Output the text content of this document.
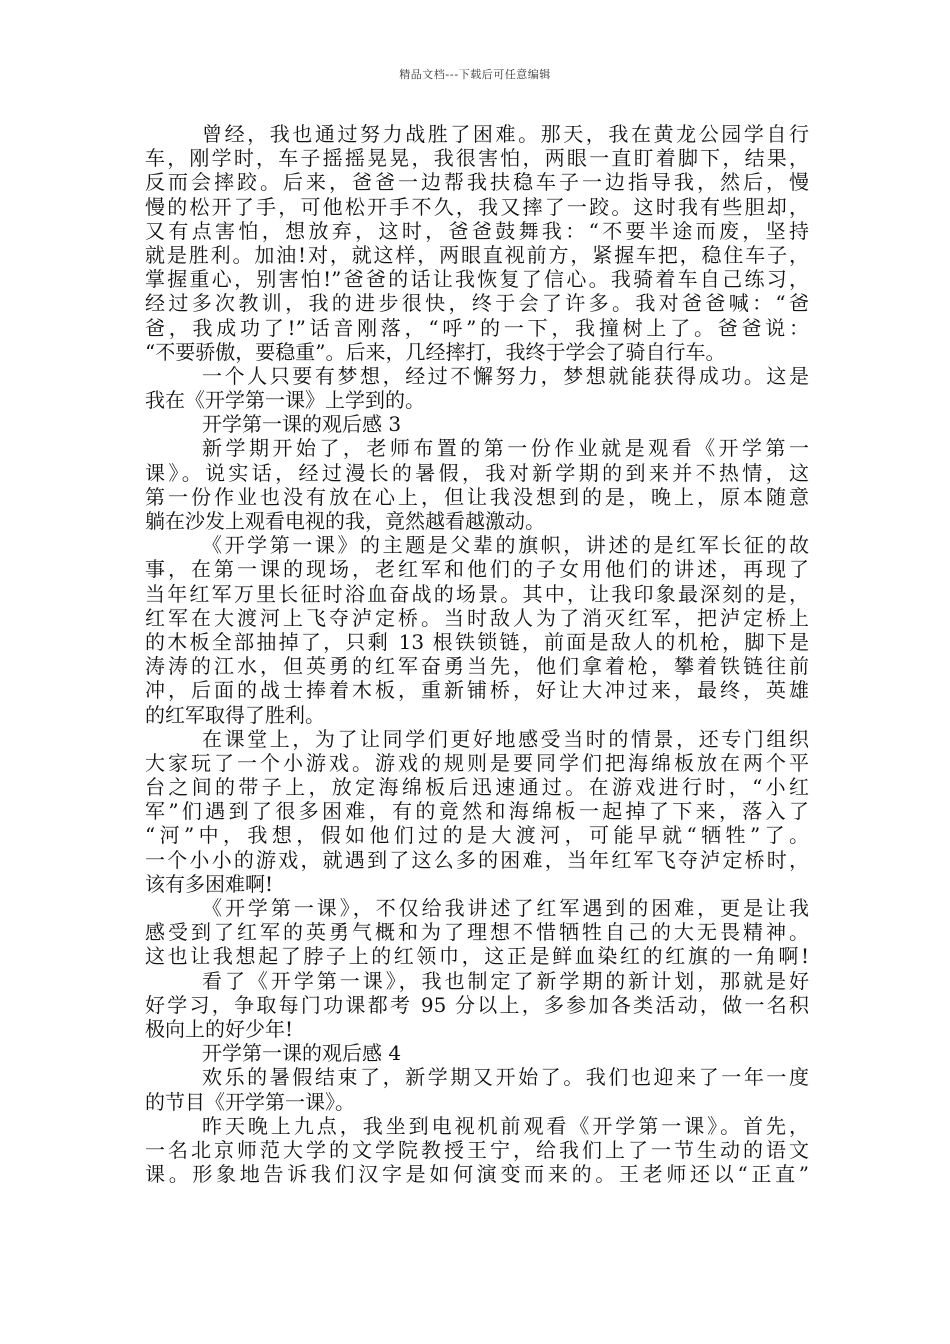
精品文档---下载后可任意编辑
曾经，我也通过努力战胜了困难。那天，我在黄龙公园学自行
车，刚学时，车子摇摇晃晃，我很害怕，两眼一直盯着脚下，结果，
反而会摔跤。后来，爸爸一边帮我扶稳车子一边指导我，然后，慢
慢的松开了手，可他松开手不久，我又摔了一跤。这时我有些胆却，
又有点害怕，想放弃，这时，爸爸鼓舞我：“不要半途而废，坚持
就是胜利。加油!对，就这样，两眼直视前方，紧握车把，稳住车子，
掌握重心，别害怕!”爸爸的话让我恢复了信心。我骑着车自己练习，
经过多次教训，我的进步很快，终于会了许多。我对爸爸喊：“爸
爸，我成功了!”话音刚落，“呼”的一下，我撞树上了。爸爸说：
“不要骄傲，要稳重”。后来，几经摔打，我终于学会了骑自行车。
一个人只要有梦想，经过不懈努力，梦想就能获得成功。这是
我在《开学第一课》上学到的。
开学第一课的观后感 3
新学期开始了，老师布置的第一份作业就是观看《开学第一
课》。说实话，经过漫长的暑假，我对新学期的到来并不热情，这
第一份作业也没有放在心上，但让我没想到的是，晚上，原本随意
躺在沙发上观看电视的我，竟然越看越激动。
《开学第一课》的主题是父辈的旗帜，讲述的是红军长征的故
事，在第一课的现场，老红军和他们的子女用他们的讲述，再现了
当年红军万里长征时浴血奋战的场景。其中，让我印象最深刻的是，
红军在大渡河上飞夺泸定桥。当时敌人为了消灭红军，把泸定桥上
的木板全部抽掉了，只剩 13 根铁锁链，前面是敌人的机枪，脚下是
涛涛的江水，但英勇的红军奋勇当先，他们拿着枪，攀着铁链往前
冲，后面的战士捧着木板，重新铺桥，好让大冲过来，最终，英雄
的红军取得了胜利。
在课堂上，为了让同学们更好地感受当时的情景，还专门组织
大家玩了一个小游戏。游戏的规则是要同学们把海绵板放在两个平
台之间的带子上，放定海绵板后迅速通过。在游戏进行时，“小红
军”们遇到了很多困难，有的竟然和海绵板一起掉了下来，落入了
“河”中，我想，假如他们过的是大渡河，可能早就“牺牲”了。
一个小小的游戏，就遇到了这么多的困难，当年红军飞夺泸定桥时，
该有多困难啊!
《开学第一课》，不仅给我讲述了红军遇到的困难，更是让我
感受到了红军的英勇气概和为了理想不惜牺牲自己的大无畏精神。
这也让我想起了脖子上的红领巾，这正是鲜血染红的红旗的一角啊!
看了《开学第一课》，我也制定了新学期的新计划，那就是好
好学习，争取每门功课都考 95 分以上，多参加各类活动，做一名积
极向上的好少年!
开学第一课的观后感 4
欢乐的暑假结束了，新学期又开始了。我们也迎来了一年一度
的节目《开学第一课》。
昨天晚上九点，我坐到电视机前观看《开学第一课》。首先，
一名北京师范大学的文学院教授王宁，给我们上了一节生动的语文
课。形象地告诉我们汉字是如何演变而来的。王老师还以“正直”
